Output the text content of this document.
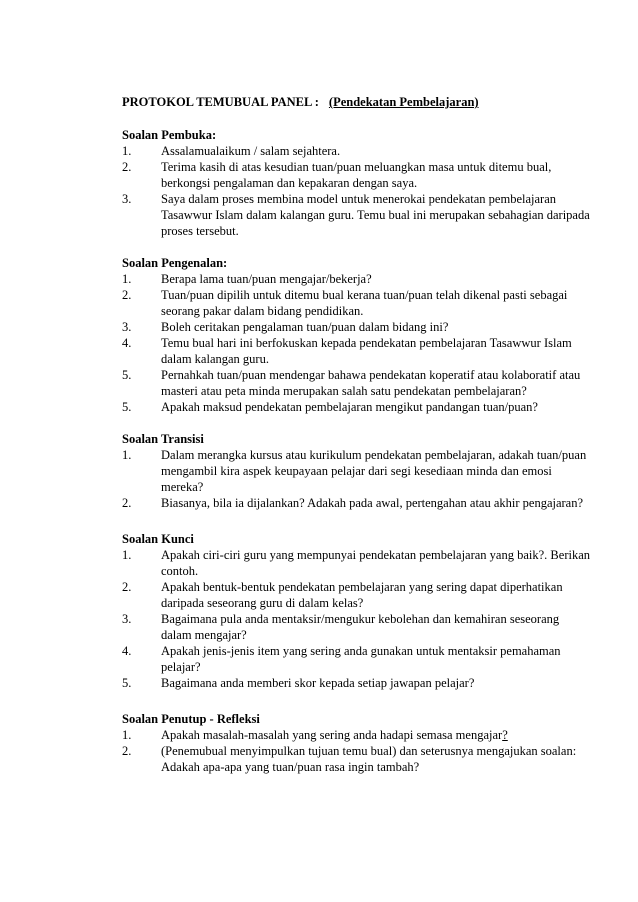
PROTOKOL TEMUBUAL PANEL : (Pendekatan Pembelajaran)
Soalan Pembuka:
1.	Assalamualaikum / salam sejahtera.
2.	Terima kasih di atas kesudian tuan/puan meluangkan masa untuk ditemu bual, berkongsi pengalaman dan kepakaran dengan saya.
3.	Saya dalam proses membina model untuk menerokai pendekatan pembelajaran Tasawwur Islam dalam kalangan guru. Temu bual ini merupakan sebahagian daripada proses tersebut.
Soalan Pengenalan:
1.	Berapa lama tuan/puan mengajar/bekerja?
2.	Tuan/puan dipilih untuk ditemu bual kerana tuan/puan telah dikenal pasti sebagai seorang pakar dalam bidang pendidikan.
3.	Boleh ceritakan pengalaman tuan/puan dalam bidang ini?
4.	Temu bual hari ini berfokuskan kepada pendekatan pembelajaran Tasawwur Islam dalam kalangan guru.
5.	Pernahkah tuan/puan mendengar bahawa pendekatan koperatif atau kolaboratif atau masteri atau peta minda merupakan salah satu pendekatan pembelajaran?
5.	Apakah maksud pendekatan pembelajaran mengikut pandangan tuan/puan?
Soalan Transisi
1.	Dalam merangka kursus atau kurikulum pendekatan pembelajaran, adakah tuan/puan mengambil kira aspek keupayaan pelajar dari segi kesediaan minda dan emosi mereka?
2.	Biasanya, bila ia dijalankan? Adakah pada awal, pertengahan atau akhir pengajaran?
Soalan Kunci
1.	Apakah ciri-ciri guru yang mempunyai pendekatan pembelajaran yang baik?. Berikan contoh.
2.	Apakah bentuk-bentuk pendekatan pembelajaran yang sering dapat diperhatikan daripada seseorang guru di dalam kelas?
3.	Bagaimana pula anda mentaksir/mengukur kebolehan dan kemahiran seseorang dalam mengajar?
4.	Apakah jenis-jenis item yang sering anda gunakan untuk mentaksir pemahaman pelajar?
5.	Bagaimana anda memberi skor kepada setiap jawapan pelajar?
Soalan Penutup - Refleksi
1.	Apakah masalah-masalah yang sering anda hadapi semasa mengajar?
2.	(Penemubual menyimpulkan tujuan temu bual) dan seterusnya mengajukan soalan: Adakah apa-apa yang tuan/puan rasa ingin tambah?
